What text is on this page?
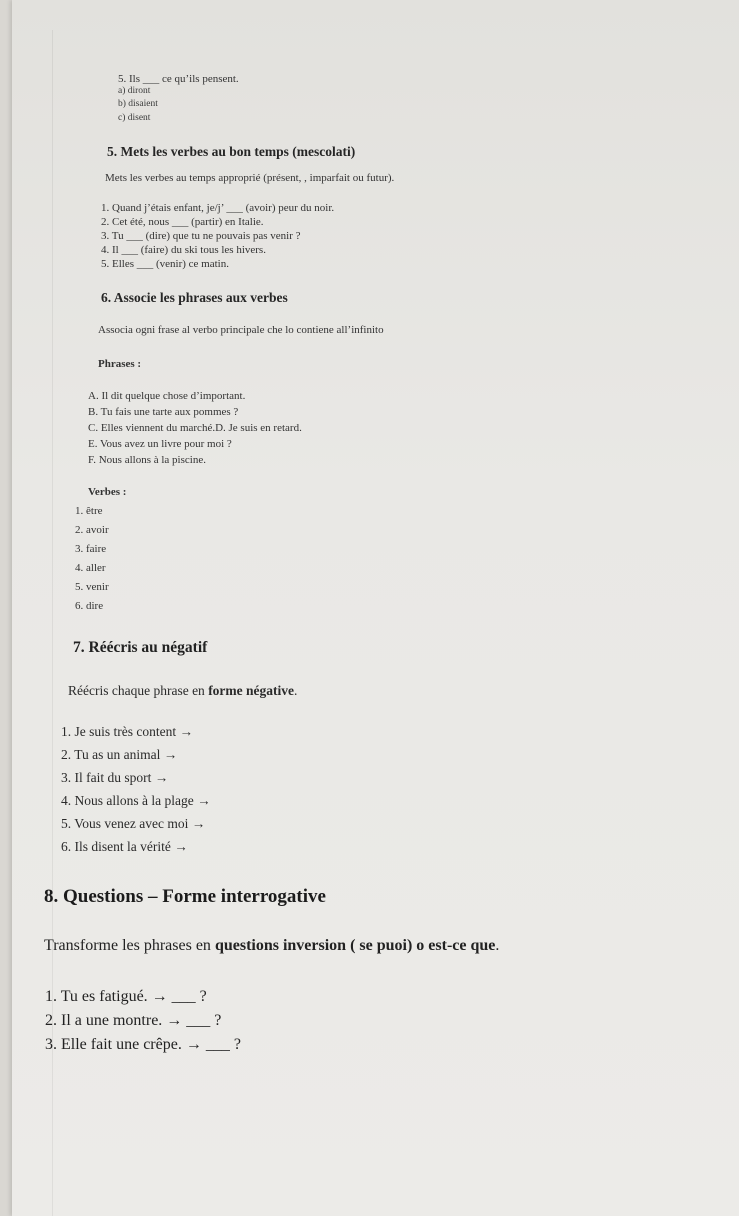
5. Ils ___ ce qu’ils pensent.
a) diront
b) disaient
c) disent
5. Mets les verbes au bon temps (mescolati)
Mets les verbes au temps approprié (présent, , imparfait ou futur).
1. Quand j’étais enfant, je/j’ ___ (avoir) peur du noir.
2. Cet été, nous ___ (partir) en Italie.
3. Tu ___ (dire) que tu ne pouvais pas venir ?
4. Il ___ (faire) du ski tous les hivers.
5. Elles ___ (venir) ce matin.
6. Associe les phrases aux verbes
Associa ogni frase al verbo principale che lo contiene all’infinito
Phrases :
A. Il dit quelque chose d’important.
B. Tu fais une tarte aux pommes ?
C. Elles viennent du marché.D. Je suis en retard.
E. Vous avez un livre pour moi ?
F. Nous allons à la piscine.
Verbes :
1. être
2. avoir
3. faire
4. aller
5. venir
6. dire
7. Réécris au négatif
Réécris chaque phrase en forme négative.
1. Je suis très content →
2. Tu as un animal →
3. Il fait du sport →
4. Nous allons à la plage →
5. Vous venez avec moi →
6. Ils disent la vérité →
8. Questions – Forme interrogative
Transforme les phrases en questions inversion ( se puoi) o est-ce que.
1. Tu es fatigué. → ___ ?
2. Il a une montre. → ___ ?
3. Elle fait une crêpe. → ___ ?
